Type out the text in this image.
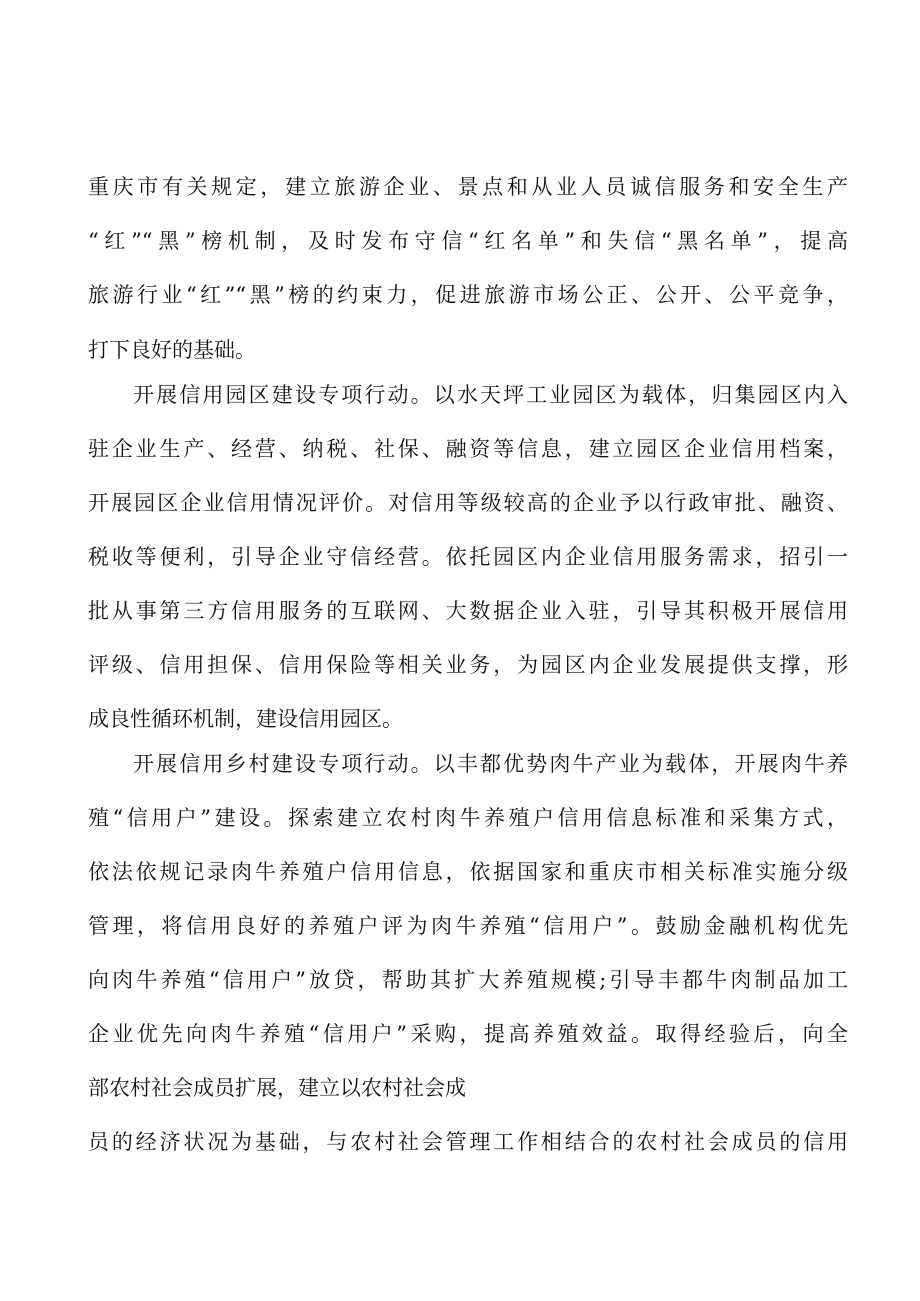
重庆市有关规定，建立旅游企业、景点和从业人员诚信服务和安全生产
“红”“黑”榜机制，及时发布守信“红名单”和失信“黑名单”，提高
旅游行业“红”“黑”榜的约束力，促进旅游市场公正、公开、公平竞争，
打下良好的基础。
开展信用园区建设专项行动。以水天坪工业园区为载体，归集园区内入
驻企业生产、经营、纳税、社保、融资等信息，建立园区企业信用档案，
开展园区企业信用情况评价。对信用等级较高的企业予以行政审批、融资、
税收等便利，引导企业守信经营。依托园区内企业信用服务需求，招引一
批从事第三方信用服务的互联网、大数据企业入驻，引导其积极开展信用
评级、信用担保、信用保险等相关业务，为园区内企业发展提供支撑，形
成良性循环机制，建设信用园区。
开展信用乡村建设专项行动。以丰都优势肉牛产业为载体，开展肉牛养
殖“信用户”建设。探索建立农村肉牛养殖户信用信息标准和采集方式，
依法依规记录肉牛养殖户信用信息，依据国家和重庆市相关标准实施分级
管理，将信用良好的养殖户评为肉牛养殖“信用户”。鼓励金融机构优先
向肉牛养殖“信用户”放贷，帮助其扩大养殖规模;引导丰都牛肉制品加工
企业优先向肉牛养殖“信用户”采购，提高养殖效益。取得经验后，向全
部农村社会成员扩展，建立以农村社会成
员的经济状况为基础，与农村社会管理工作相结合的农村社会成员的信用
